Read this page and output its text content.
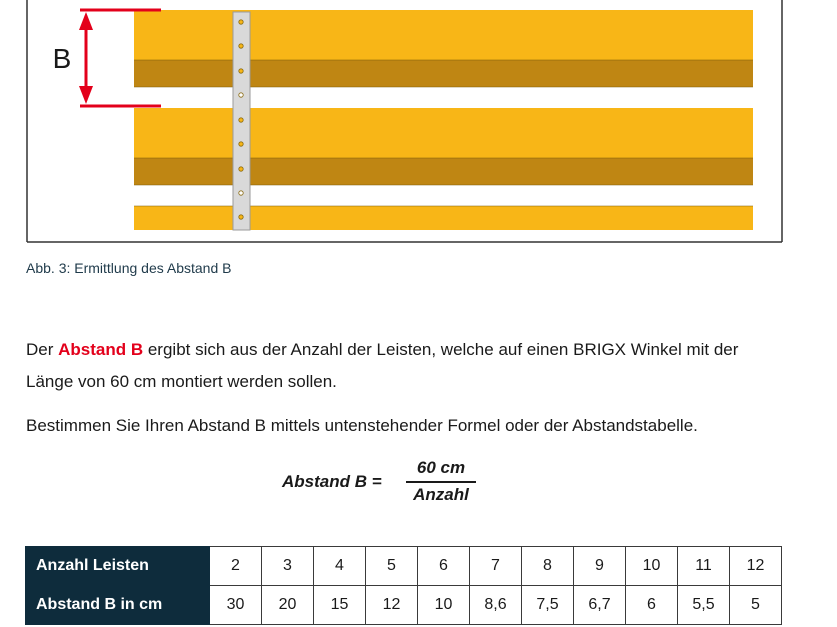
B
Abb. 3: Ermittlung des Abstand B
Der Abstand B ergibt sich aus der Anzahl der Leisten, welche auf einen BRIGX Winkel mit der Länge von 60 cm montiert werden sollen.
Bestimmen Sie Ihren Abstand B mittels untenstehender Formel oder der Abstandstabelle.
Abstand B =
60 cm
Anzahl
Anzahl Leisten	2	3	4	5	6	7	8	9	10	11	12
Abstand B in cm	30	20	15	12	10	8,6	7,5	6,7	6	5,5	5
